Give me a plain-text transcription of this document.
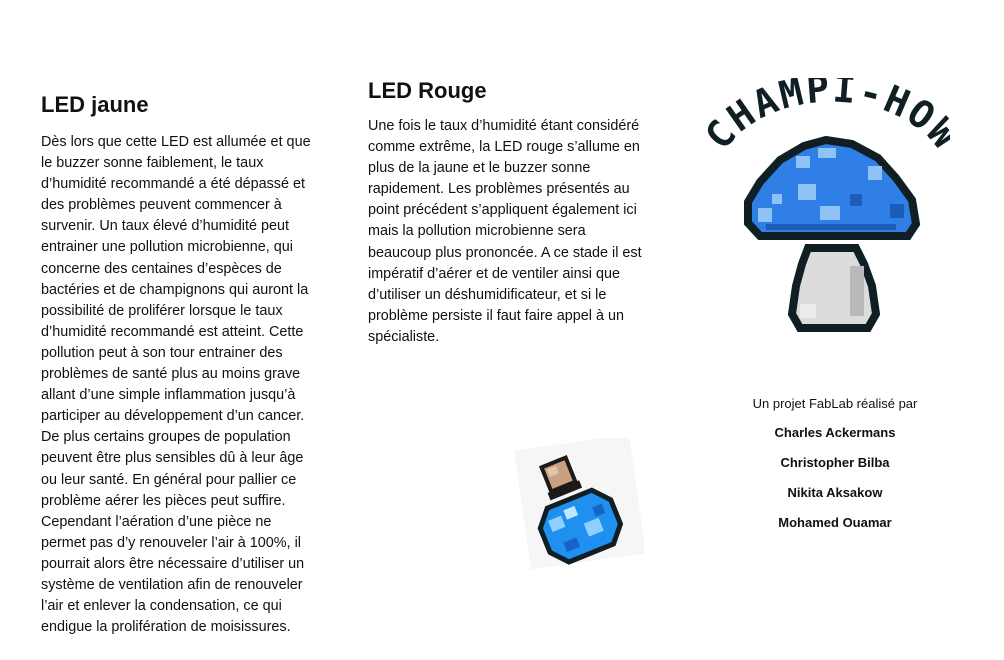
LED jaune

Dès lors que cette LED est allumée et que
le buzzer sonne faiblement, le taux
d’humidité recommandé a été dépassé et
des problèmes peuvent commencer à
survenir. Un taux élevé d’humidité peut
entrainer une pollution microbienne, qui
concerne des centaines d’espèces de
bactéries et de champignons qui auront la
possibilité de proliférer lorsque le taux
d’humidité recommandé est atteint. Cette
pollution peut à son tour entrainer des
problèmes de santé plus au moins grave
allant d’une simple inflammation jusqu’à
participer au développement d’un cancer.
De plus certains groupes de population
peuvent être plus sensibles dû à leur âge
ou leur santé. En général pour pallier ce
problème aérer les pièces peut suffire.
Cependant l’aération d’une pièce ne
permet pas d’y renouveler l’air à 100%, il
pourrait alors être nécessaire d’utiliser un
système de ventilation afin de renouveler
l’air et enlever la condensation, ce qui
endigue la prolifération de moisissures.

LED Rouge

Une fois le taux d’humidité étant considéré
comme extrême, la LED rouge s’allume en
plus de la jaune et le buzzer sonne
rapidement. Les problèmes présentés au
point précédent s’appliquent également ici
mais la pollution microbienne sera
beaucoup plus prononcée. A ce stade il est
impératif d’aérer et de ventiler ainsi que
d’utiliser un déshumidificateur, et si le
problème persiste il faut faire appel à un
spécialiste.

CHAMPI-HO
Un projet FabLab réalisé par
Charles Ackermans
Christopher Bilba
Nikita Aksakow
Mohamed Ouamar
